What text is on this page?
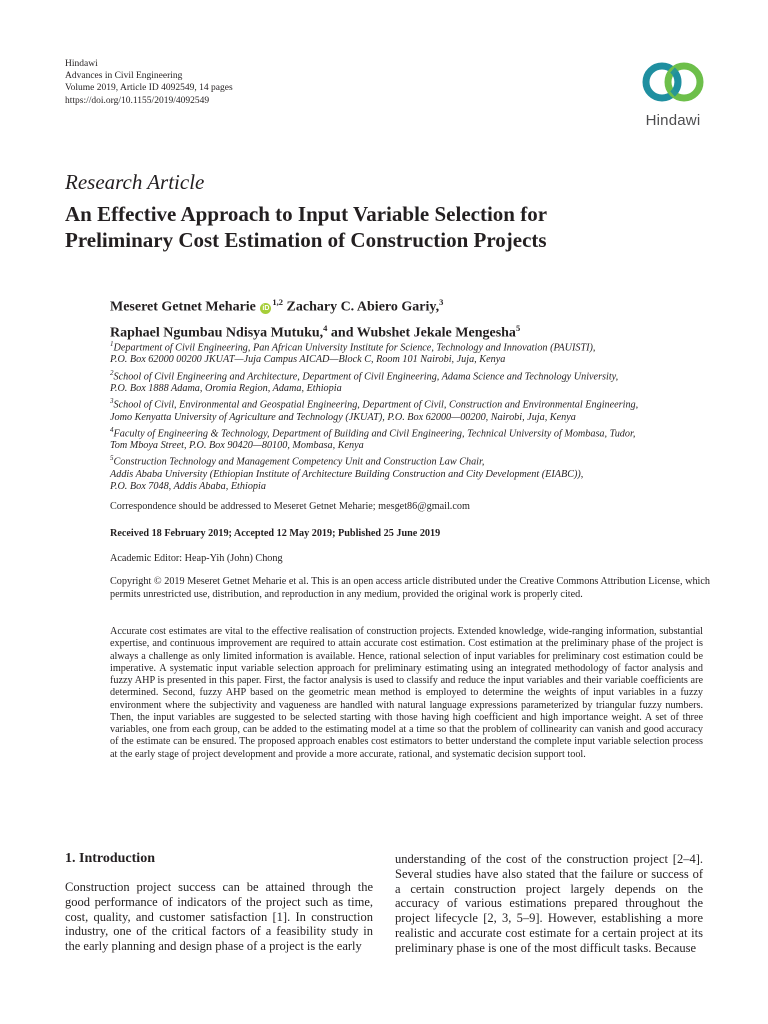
Hindawi
Advances in Civil Engineering
Volume 2019, Article ID 4092549, 14 pages
https://doi.org/10.1155/2019/4092549
Hindawi
Research Article
An Effective Approach to Input Variable Selection for
Preliminary Cost Estimation of Construction Projects
Meseret Getnet Meharie iD$^{1,2}$ Zachary C. Abiero Gariy,$^3$
Raphael Ngumbau Ndisya Mutuku,$^4$ and Wubshet Jekale Mengesha$^5$
$^1$Department of Civil Engineering, Pan African University Institute for Science, Technology and Innovation (PAUISTI),
P.O. Box 62000 00200 JKUAT—Juja Campus AICAD—Block C, Room 101 Nairobi, Juja, Kenya
$^2$School of Civil Engineering and Architecture, Department of Civil Engineering, Adama Science and Technology University,
P.O. Box 1888 Adama, Oromia Region, Adama, Ethiopia
$^3$School of Civil, Environmental and Geospatial Engineering, Department of Civil, Construction and Environmental Engineering,
Jomo Kenyatta University of Agriculture and Technology (JKUAT), P.O. Box 62000—00200, Nairobi, Juja, Kenya
$^4$Faculty of Engineering & Technology, Department of Building and Civil Engineering, Technical University of Mombasa, Tudor,
Tom Mboya Street, P.O. Box 90420—80100, Mombasa, Kenya
$^5$Construction Technology and Management Competency Unit and Construction Law Chair,
Addis Ababa University (Ethiopian Institute of Architecture Building Construction and City Development (EIABC)),
P.O. Box 7048, Addis Ababa, Ethiopia
Correspondence should be addressed to Meseret Getnet Meharie; mesget86@gmail.com
Received 18 February 2019; Accepted 12 May 2019; Published 25 June 2019
Academic Editor: Heap-Yih (John) Chong
Copyright © 2019 Meseret Getnet Meharie et al. This is an open access article distributed under the Creative Commons Attribution License, which permits unrestricted use, distribution, and reproduction in any medium, provided the original work is properly cited.
Accurate cost estimates are vital to the effective realisation of construction projects. Extended knowledge, wide-ranging information, substantial expertise, and continuous improvement are required to attain accurate cost estimation. Cost estimation at the preliminary phase of the project is always a challenge as only limited information is available. Hence, rational selection of input variables for preliminary cost estimation could be imperative. A systematic input variable selection approach for preliminary estimating using an integrated methodology of factor analysis and fuzzy AHP is presented in this paper. First, the factor analysis is used to classify and reduce the input variables and their variable coefficients are determined. Second, fuzzy AHP based on the geometric mean method is employed to determine the weights of input variables in a fuzzy environment where the subjectivity and vagueness are handled with natural language expressions parameterized by triangular fuzzy numbers. Then, the input variables are suggested to be selected starting with those having high coefficient and high importance weight. A set of three variables, one from each group, can be added to the estimating model at a time so that the problem of collinearity can vanish and good accuracy of the estimate can be ensured. The proposed approach enables cost estimators to better understand the complete input variable selection process at the early stage of project development and provide a more accurate, rational, and systematic decision support tool.
1. Introduction
Construction project success can be attained through the good performance of indicators of the project such as time, cost, quality, and customer satisfaction [1]. In construction industry, one of the critical factors of a feasibility study in the early planning and design phase of a project is the early
understanding of the cost of the construction project [2–4]. Several studies have also stated that the failure or success of a certain construction project largely depends on the accuracy of various estimations prepared throughout the project lifecycle [2, 3, 5–9]. However, establishing a more realistic and accurate cost estimate for a certain project at its preliminary phase is one of the most difficult tasks. Because
